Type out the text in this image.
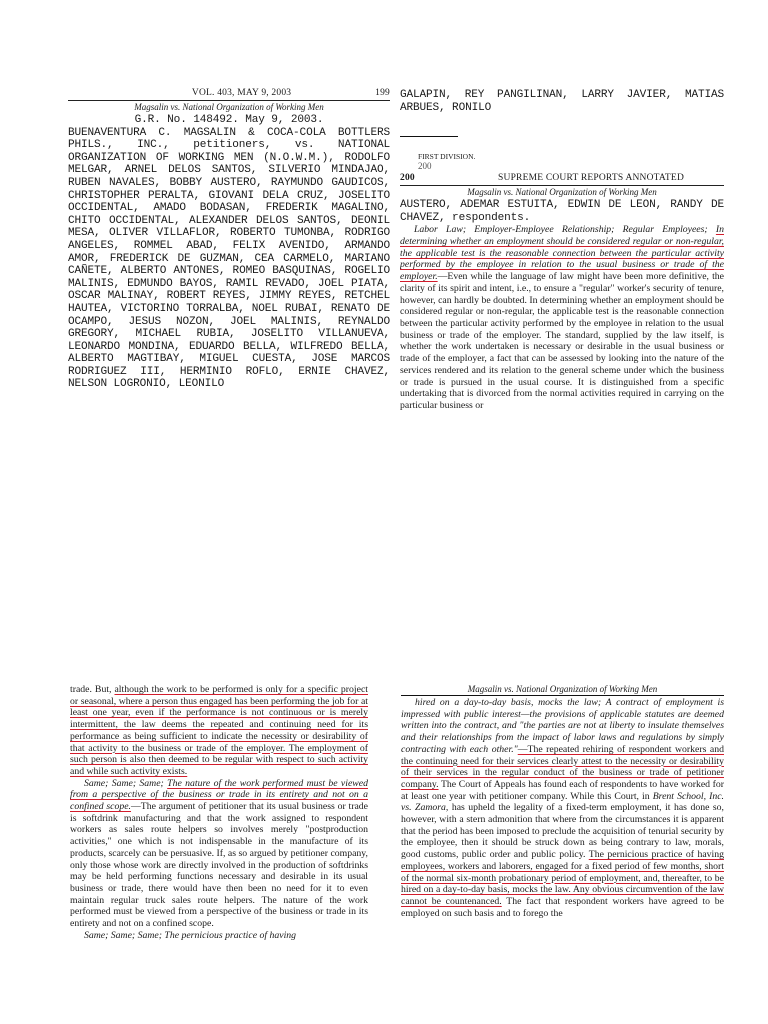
VOL. 403, MAY 9, 2003	199
Magsalin vs. National Organization of Working Men
G.R. No. 148492. May 9, 2003.
BUENAVENTURA C. MAGSALIN & COCA-COLA BOTTLERS PHILS., INC., petitioners, vs. NATIONAL ORGANIZATION OF WORKING MEN (N.O.W.M.), RODOLFO MELGAR, ARNEL DELOS SANTOS, SILVERIO MINDAJAO, RUBEN NAVALES, BOBBY AUSTERO, RAYMUNDO GAUDICOS, CHRISTOPHER PERALTA, GIOVANI DELA CRUZ, JOSELITO OCCIDENTAL, AMADO BODASAN, FREDERIK MAGALINO, CHITO OCCIDENTAL, ALEXANDER DELOS SANTOS, DEONIL MESA, OLIVER VILLAFLOR, ROBERTO TUMONBA, RODRIGO ANGELES, ROMMEL ABAD, FELIX AVENIDO, ARMANDO AMOR, FREDERICK DE GUZMAN, CEA CARMELO, MARIANO CAÑETE, ALBERTO ANTONES, ROMEO BASQUINAS, ROGELIO MALINIS, EDMUNDO BAYOS, RAMIL REVADO, JOEL PIATA, OSCAR MALINAY, ROBERT REYES, JIMMY REYES, RETCHEL HAUTEA, VICTORINO TORRALBA, NOEL RUBAI, RENATO DE OCAMPO, JESUS NOZON, JOEL MALINIS, REYNALDO GREGORY, MICHAEL RUBIA, JOSELITO VILLANUEVA, LEONARDO MONDINA, EDUARDO BELLA, WILFREDO BELLA, ALBERTO MAGTIBAY, MIGUEL CUESTA, JOSE MARCOS RODRIGUEZ III, HERMINIO ROFLO, ERNIE CHAVEZ, NELSON LOGRONIO, LEONILO
GALAPIN, REY PANGILINAN, LARRY JAVIER, MATIAS ARBUES, RONILO
FIRST DIVISION.
200
200	SUPREME COURT REPORTS ANNOTATED
Magsalin vs. National Organization of Working Men
AUSTERO, ADEMAR ESTUITA, EDWIN DE LEON, RANDY DE CHAVEZ, respondents.
Labor Law; Employer-Employee Relationship; Regular Employees; In determining whether an employment should be considered regular or non-regular, the applicable test is the reasonable connection between the particular activity performed by the employee in relation to the usual business or trade of the employer.—Even while the language of law might have been more definitive, the clarity of its spirit and intent, i.e., to ensure a "regular" worker's security of tenure, however, can hardly be doubted. In determining whether an employment should be considered regular or non-regular, the applicable test is the reasonable connection between the particular activity performed by the employee in relation to the usual business or trade of the employer. The standard, supplied by the law itself, is whether the work undertaken is necessary or desirable in the usual business or trade of the employer, a fact that can be assessed by looking into the nature of the services rendered and its relation to the general scheme under which the business or trade is pursued in the usual course. It is distinguished from a specific undertaking that is divorced from the normal activities required in carrying on the particular business or
trade. But, although the work to be performed is only for a specific project or seasonal, where a person thus engaged has been performing the job for at least one year, even if the performance is not continuous or is merely intermittent, the law deems the repeated and continuing need for its performance as being sufficient to indicate the necessity or desirability of that activity to the business or trade of the employer. The employment of such person is also then deemed to be regular with respect to such activity and while such activity exists.
Same; Same; Same; The nature of the work performed must be viewed from a perspective of the business or trade in its entirety and not on a confined scope.—The argument of petitioner that its usual business or trade is softdrink manufacturing and that the work assigned to respondent workers as sales route helpers so involves merely "postproduction activities," one which is not indispensable in the manufacture of its products, scarcely can be persuasive. If, as so argued by petitioner company, only those whose work are directly involved in the production of softdrinks may be held performing functions necessary and desirable in its usual business or trade, there would have then been no need for it to even maintain regular truck sales route helpers. The nature of the work performed must be viewed from a perspective of the business or trade in its entirety and not on a confined scope.
Same; Same; Same; The pernicious practice of having
Magsalin vs. National Organization of Working Men
hired on a day-to-day basis, mocks the law; A contract of employment is impressed with public interest—the provisions of applicable statutes are deemed written into the contract, and "the parties are not at liberty to insulate themselves and their relationships from the impact of labor laws and regulations by simply contracting with each other."—The repeated rehiring of respondent workers and the continuing need for their services clearly attest to the necessity or desirability of their services in the regular conduct of the business or trade of petitioner company. The Court of Appeals has found each of respondents to have worked for at least one year with petitioner company. While this Court, in Brent School, Inc. vs. Zamora, has upheld the legality of a fixed-term employment, it has done so, however, with a stern admonition that where from the circumstances it is apparent that the period has been imposed to preclude the acquisition of tenurial security by the employee, then it should be struck down as being contrary to law, morals, good customs, public order and public policy. The pernicious practice of having employees, workers and laborers, engaged for a fixed period of few months, short of the normal six-month probationary period of employment, and, thereafter, to be hired on a day-to-day basis, mocks the law. Any obvious circumvention of the law cannot be countenanced. The fact that respondent workers have agreed to be employed on such basis and to forego the
